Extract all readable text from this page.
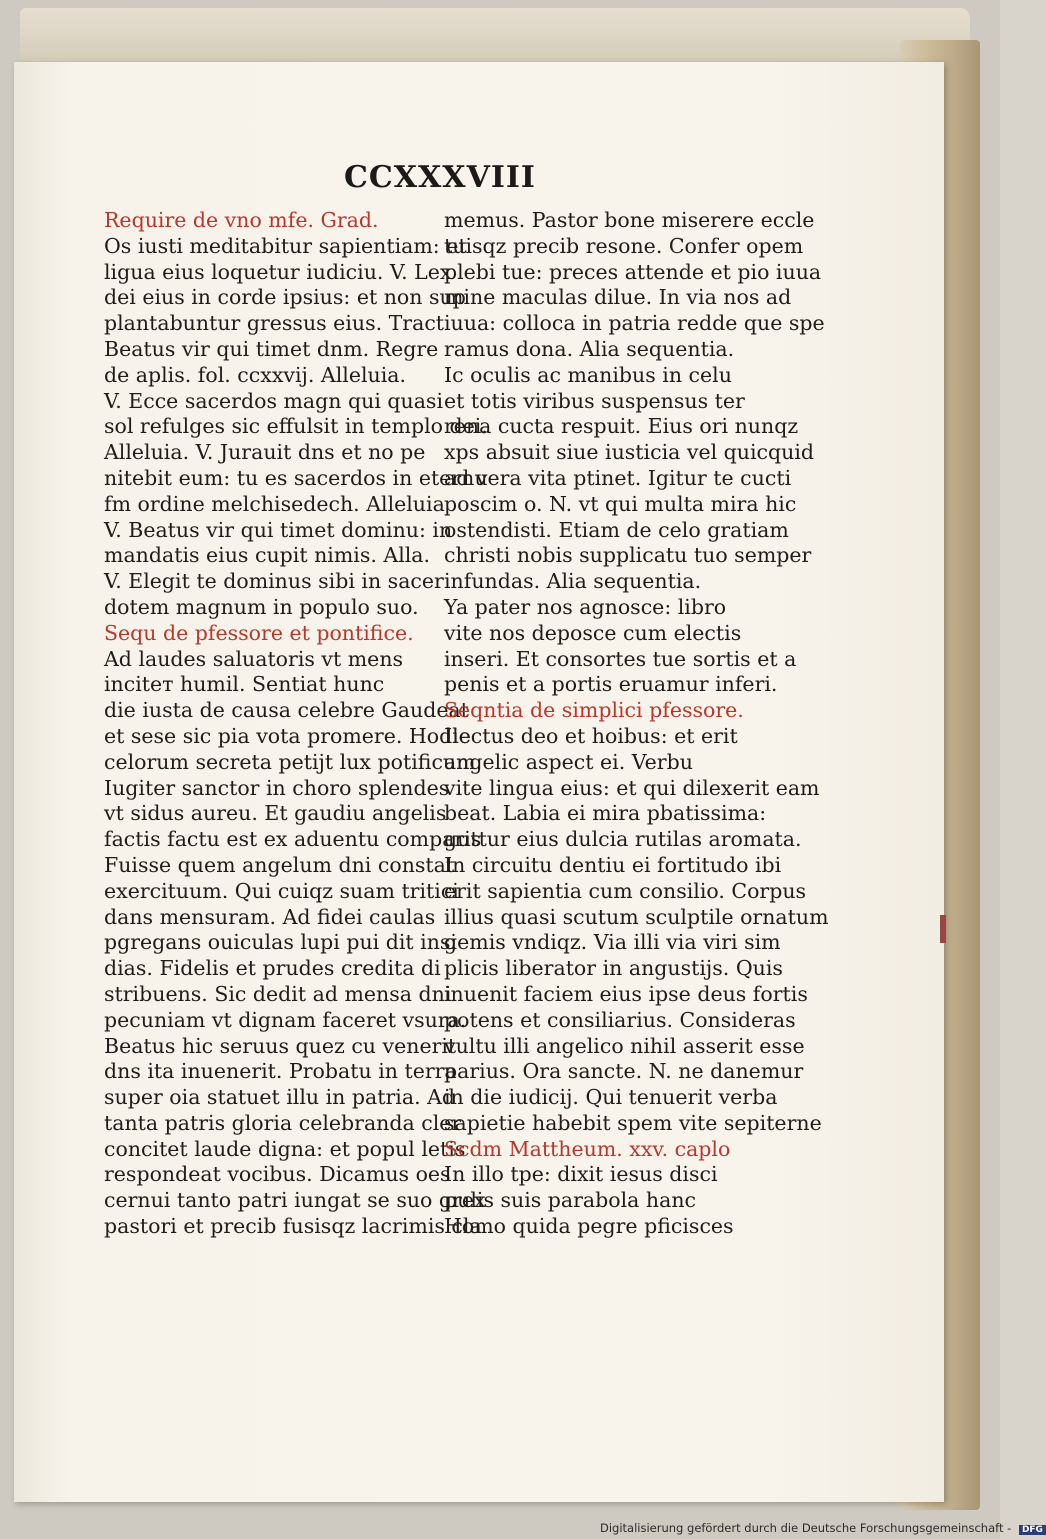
CCXXXVIII
Require de vno mfe. Grad.
Os iusti meditabitur sapientiam: et
ligua eius loquetur iudiciu. V. Lex
dei eius in corde ipsius: et non sup
plantabuntur gressus eius. Tract
Beatus vir qui timet dnm. Regre
de aplis. fol. ccxxvij. Alleluia.
V. Ecce sacerdos magn qui quasi
sol refulges sic effulsit in templo dei.
Alleluia. V. Jurauit dns et no pe
nitebit eum: tu es sacerdos in eternu
fm ordine melchisedech. Alleluia
V. Beatus vir qui timet dominu: in
mandatis eius cupit nimis. Alla.
V. Elegit te dominus sibi in sacer
dotem magnum in populo suo.
Sequ de pfessore et pontifice.
Ad laudes saluatoris vt mens
inciteт humil. Sentiat hunc
die iusta de causa celebre Gaudeat
et sese sic pia vota promere. Hodie
celorum secreta petijt lux potificum.
Iugiter sanctor in choro splendes
vt sidus aureu. Et gaudiu angelis
factis factu est ex aduentu comparis
Fuisse quem angelum dni constat
exercituum. Qui cuiqz suam tritici
dans mensuram. Ad fidei caulas
pgregans ouiculas lupi pui dit insi
dias. Fidelis et prudes credita di
stribuens. Sic dedit ad mensa dni
pecuniam vt dignam faceret vsura.
Beatus hic seruus quez cu venerit
dns ita inuenerit. Probatu in terra
super oia statuet illu in patria. Ad
tanta patris gloria celebranda cler
concitet laude digna: et popul letis
respondeat vocibus. Dicamus oes
cernui tanto patri iungat se suo grex
pastori et precib fusisqz lacrimis cla
memus. Pastor bone miserere eccle
tuisqz precib resone. Confer opem
plebi tue: preces attende et pio iuua
mine maculas dilue. In via nos ad
iuua: colloca in patria redde que spe
ramus dona. Alia sequentia.
Ic oculis ac manibus in celu
et totis viribus suspensus ter
rena cucta respuit. Eius ori nunqz
xps absuit siue iusticia vel quicquid
ad vera vita ptinet. Igitur te cucti
poscim o. N. vt qui multa mira hic
ostendisti. Etiam de celo gratiam
christi nobis supplicatu tuo semper
infundas. Alia sequentia.
Ya pater nos agnosce: libro
vite nos deposce cum electis
inseri. Et consortes tue sortis et a
penis et a portis eruamur inferi.
Seqntia de simplici pfessore.
Ilectus deo et hoibus: et erit
angelic aspect ei. Verbu
vite lingua eius: et qui dilexerit eam
beat. Labia ei mira pbatissima:
guttur eius dulcia rutilas aromata.
In circuitu dentiu ei fortitudo ibi
erit sapientia cum consilio. Corpus
illius quasi scutum sculptile ornatum
gemis vndiqz. Via illi via viri sim
plicis liberator in angustijs. Quis
inuenit faciem eius ipse deus fortis
potens et consiliarius. Consideras
vultu illi angelico nihil asserit esse
parius. Ora sancte. N. ne danemur
in die iudicij. Qui tenuerit verba
sapietie habebit spem vite sepiterne
Scdm Mattheum. xxv. caplo
In illo tpe: dixit iesus disci
pulis suis parabola hanc
Homo quida pegre pficisces
Digitalisierung gefördert durch die Deutsche Forschungsgemeinschaft - DFG
